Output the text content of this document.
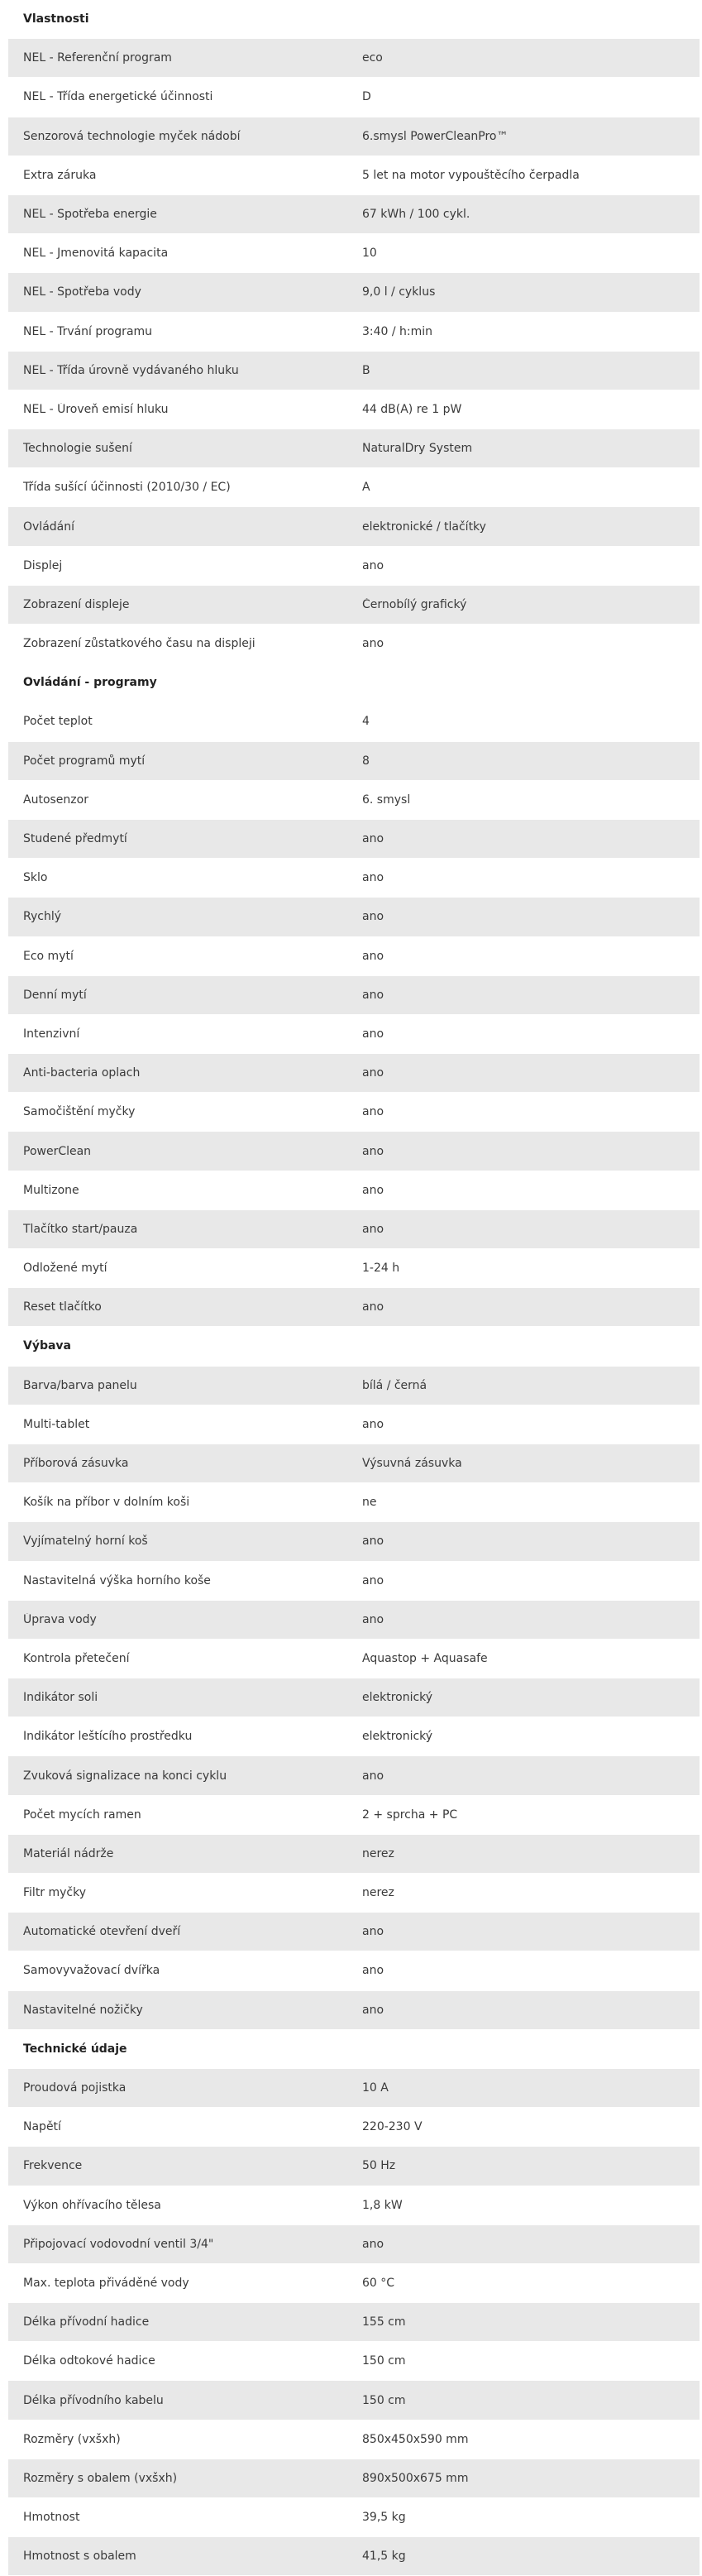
Vlastnosti
NEL - Referenční program	eco
NEL - Třída energetické účinnosti	D
Senzorová technologie myček nádobí	6.smysl PowerCleanPro™
Extra záruka	5 let na motor vypouštěcího čerpadla
NEL - Spotřeba energie	67 kWh / 100 cykl.
NEL - Jmenovitá kapacita	10
NEL - Spotřeba vody	9,0 l / cyklus
NEL - Trvání programu	3:40 / h:min
NEL - Třída úrovně vydávaného hluku	B
NEL - Úroveň emisí hluku	44 dB(A) re 1 pW
Technologie sušení	NaturalDry System
Třída sušící účinnosti (2010/30 / EC)	A
Ovládání	elektronické / tlačítky
Displej	ano
Zobrazení displeje	Černobílý grafický
Zobrazení zůstatkového času na displeji	ano
Ovládání - programy
Počet teplot	4
Počet programů mytí	8
Autosenzor	6. smysl
Studené předmytí	ano
Sklo	ano
Rychlý	ano
Eco mytí	ano
Denní mytí	ano
Intenzivní	ano
Anti-bacteria oplach	ano
Samočištění myčky	ano
PowerClean	ano
Multizone	ano
Tlačítko start/pauza	ano
Odložené mytí	1-24 h
Reset tlačítko	ano
Výbava
Barva/barva panelu	bílá / černá
Multi-tablet	ano
Příborová zásuvka	Výsuvná zásuvka
Košík na příbor v dolním koši	ne
Vyjímatelný horní koš	ano
Nastavitelná výška horního koše	ano
Úprava vody	ano
Kontrola přetečení	Aquastop + Aquasafe
Indikátor soli	elektronický
Indikátor leštícího prostředku	elektronický
Zvuková signalizace na konci cyklu	ano
Počet mycích ramen	2 + sprcha + PC
Materiál nádrže	nerez
Filtr myčky	nerez
Automatické otevření dveří	ano
Samovyvažovací dvířka	ano
Nastavitelné nožičky	ano
Technické údaje
Proudová pojistka	10 A
Napětí	220-230 V
Frekvence	50 Hz
Výkon ohřívacího tělesa	1,8 kW
Připojovací vodovodní ventil 3/4"	ano
Max. teplota přiváděné vody	60 °C
Délka přívodní hadice	155 cm
Délka odtokové hadice	150 cm
Délka přívodního kabelu	150 cm
Rozměry (vxšxh)	850x450x590 mm
Rozměry s obalem (vxšxh)	890x500x675 mm
Hmotnost	39,5 kg
Hmotnost s obalem	41,5 kg
